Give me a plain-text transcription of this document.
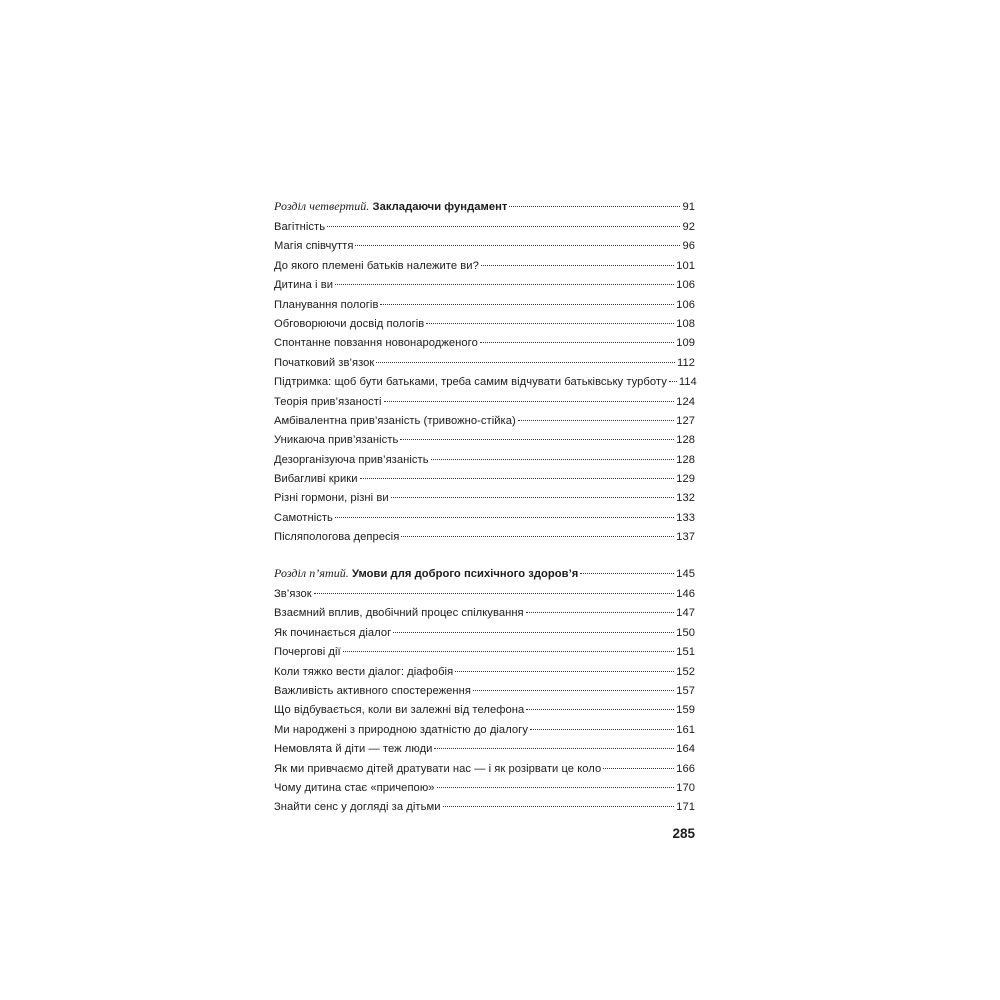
Розділ четвертий. Закладаючи фундамент	91
Вагітність	92
Магія співчуття	96
До якого племені батьків належите ви?	101
Дитина і ви	106
Планування пологів	106
Обговорюючи досвід пологів	108
Спонтанне повзання новонародженого	109
Початковий зв’язок	112
Підтримка: щоб бути батьками, треба самим відчувати батьківську турботу 114
Теорія прив’язаності	124
Амбівалентна прив’язаність (тривожно-стійка)	127
Уникаюча прив’язаність	128
Дезорганізуюча прив’язаність	128
Вибагливі крики	129
Різні гормони, різні ви	132
Самотність	133
Післяпологова депресія	137
Розділ п’ятий. Умови для доброго психічного здоров’я	145
Зв’язок	146
Взаємний вплив, двобічний процес спілкування	147
Як починається діалог	150
Почергові дії	151
Коли тяжко вести діалог: діафобія	152
Важливість активного спостереження	157
Що відбувається, коли ви залежні від телефона	159
Ми народжені з природною здатністю до діалогу	161
Немовлята й діти — теж люди	164
Як ми привчаємо дітей дратувати нас — і як розірвати це коло	166
Чому дитина стає «причепою»	170
Знайти сенс у догляді за дітьми	171
285
